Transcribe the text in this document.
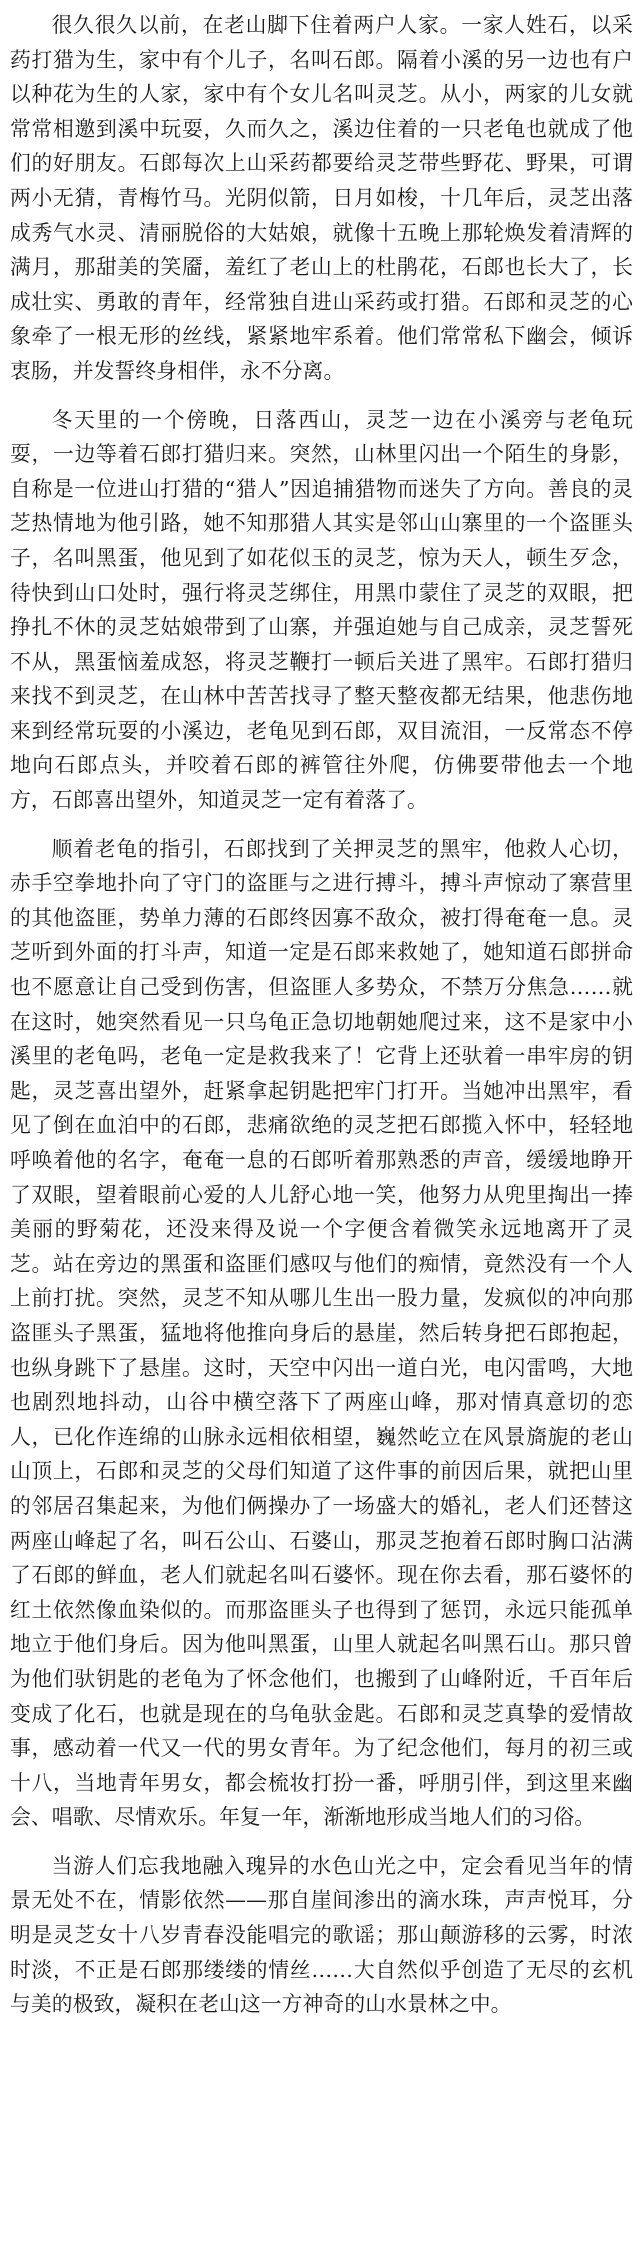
很久很久以前，在老山脚下住着两户人家。一家人姓石，以采药打猎为生，家中有个儿子，名叫石郎。隔着小溪的另一边也有户以种花为生的人家，家中有个女儿名叫灵芝。从小，两家的儿女就常常相邀到溪中玩耍，久而久之，溪边住着的一只老龟也就成了他们的好朋友。石郎每次上山采药都要给灵芝带些野花、野果，可谓两小无猜，青梅竹马。光阴似箭，日月如梭，十几年后，灵芝出落成秀气水灵、清丽脱俗的大姑娘，就像十五晚上那轮焕发着清辉的满月，那甜美的笑靥，羞红了老山上的杜鹃花，石郎也长大了，长成壮实、勇敢的青年，经常独自进山采药或打猎。石郎和灵芝的心象牵了一根无形的丝线，紧紧地牢系着。他们常常私下幽会，倾诉衷肠，并发誓终身相伴，永不分离。

冬天里的一个傍晚，日落西山，灵芝一边在小溪旁与老龟玩耍，一边等着石郎打猎归来。突然，山林里闪出一个陌生的身影，自称是一位进山打猎的“猎人”因追捕猎物而迷失了方向。善良的灵芝热情地为他引路，她不知那猎人其实是邻山山寨里的一个盗匪头子，名叫黑蛋，他见到了如花似玉的灵芝，惊为天人，顿生歹念，待快到山口处时，强行将灵芝绑住，用黑巾蒙住了灵芝的双眼，把挣扎不休的灵芝姑娘带到了山寨，并强迫她与自己成亲，灵芝誓死不从，黑蛋恼羞成怒，将灵芝鞭打一顿后关进了黑牢。石郎打猎归来找不到灵芝，在山林中苦苦找寻了整天整夜都无结果，他悲伤地来到经常玩耍的小溪边，老龟见到石郎，双目流泪，一反常态不停地向石郎点头，并咬着石郎的裤管往外爬，仿佛要带他去一个地方，石郎喜出望外，知道灵芝一定有着落了。

顺着老龟的指引，石郎找到了关押灵芝的黑牢，他救人心切，赤手空拳地扑向了守门的盗匪与之进行搏斗，搏斗声惊动了寨营里的其他盗匪，势单力薄的石郎终因寡不敌众，被打得奄奄一息。灵芝听到外面的打斗声，知道一定是石郎来救她了，她知道石郎拼命也不愿意让自己受到伤害，但盗匪人多势众，不禁万分焦急……就在这时，她突然看见一只乌龟正急切地朝她爬过来，这不是家中小溪里的老龟吗，老龟一定是救我来了！它背上还驮着一串牢房的钥匙，灵芝喜出望外，赶紧拿起钥匙把牢门打开。当她冲出黑牢，看见了倒在血泊中的石郎，悲痛欲绝的灵芝把石郎揽入怀中，轻轻地呼唤着他的名字，奄奄一息的石郎听着那熟悉的声音，缓缓地睁开了双眼，望着眼前心爱的人儿舒心地一笑，他努力从兜里掏出一捧美丽的野菊花，还没来得及说一个字便含着微笑永远地离开了灵芝。站在旁边的黑蛋和盗匪们感叹与他们的痴情，竟然没有一个人上前打扰。突然，灵芝不知从哪儿生出一股力量，发疯似的冲向那盗匪头子黑蛋，猛地将他推向身后的悬崖，然后转身把石郎抱起，也纵身跳下了悬崖。这时，天空中闪出一道白光，电闪雷鸣，大地也剧烈地抖动，山谷中横空落下了两座山峰，那对情真意切的恋人，已化作连绵的山脉永远相依相望，巍然屹立在风景旖旎的老山山顶上，石郎和灵芝的父母们知道了这件事的前因后果，就把山里的邻居召集起来，为他们俩操办了一场盛大的婚礼，老人们还替这两座山峰起了名，叫石公山、石婆山，那灵芝抱着石郎时胸口沾满了石郎的鲜血，老人们就起名叫石婆怀。现在你去看，那石婆怀的红土依然像血染似的。而那盗匪头子也得到了惩罚，永远只能孤单地立于他们身后。因为他叫黑蛋，山里人就起名叫黑石山。那只曾为他们驮钥匙的老龟为了怀念他们，也搬到了山峰附近，千百年后变成了化石，也就是现在的乌龟驮金匙。石郎和灵芝真挚的爱情故事，感动着一代又一代的男女青年。为了纪念他们，每月的初三或十八，当地青年男女，都会梳妆打扮一番，呼朋引伴，到这里来幽会、唱歌、尽情欢乐。年复一年，渐渐地形成当地人们的习俗。

当游人们忘我地融入瑰异的水色山光之中，定会看见当年的情景无处不在，情影依然——那自崖间渗出的滴水珠，声声悦耳，分明是灵芝女十八岁青春没能唱完的歌谣；那山颠游移的云雾，时浓时淡，不正是石郎那缕缕的情丝……大自然似乎创造了无尽的玄机与美的极致，凝积在老山这一方神奇的山水景林之中。
